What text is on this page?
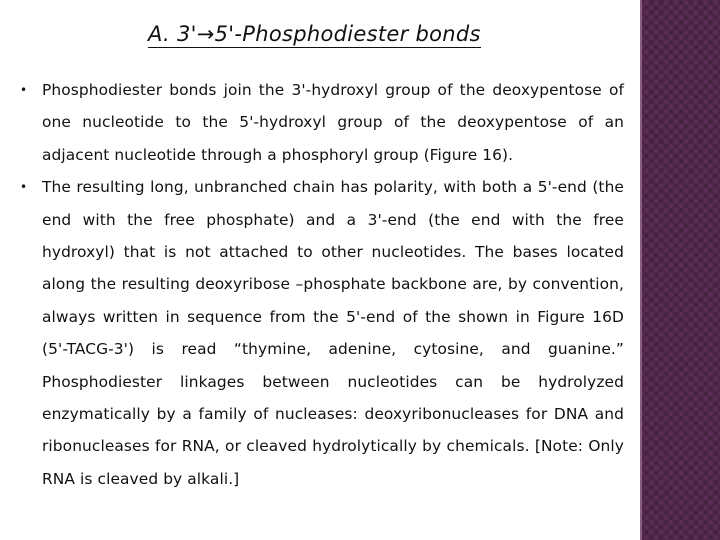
A. 3'→5'-Phosphodiester bonds
• Phosphodiester bonds join the 3'-hydroxyl group of the deoxypentose of one nucleotide to the 5'-hydroxyl group of the deoxypentose of an adjacent nucleotide through a phosphoryl group (Figure 16).
• The resulting long, unbranched chain has polarity, with both a 5'-end (the end with the free phosphate) and a 3'-end (the end with the free hydroxyl) that is not attached to other nucleotides. The bases located along the resulting deoxyribose –phosphate backbone are, by convention, always written in sequence from the 5'-end of the shown in Figure 16D (5'-TACG-3') is read “thymine, adenine, cytosine, and guanine.” Phosphodiester linkages between nucleotides can be hydrolyzed enzymatically by a family of nucleases: deoxyribonucleases for DNA and ribonucleases for RNA, or cleaved hydrolytically by chemicals. [Note: Only RNA is cleaved by alkali.]
